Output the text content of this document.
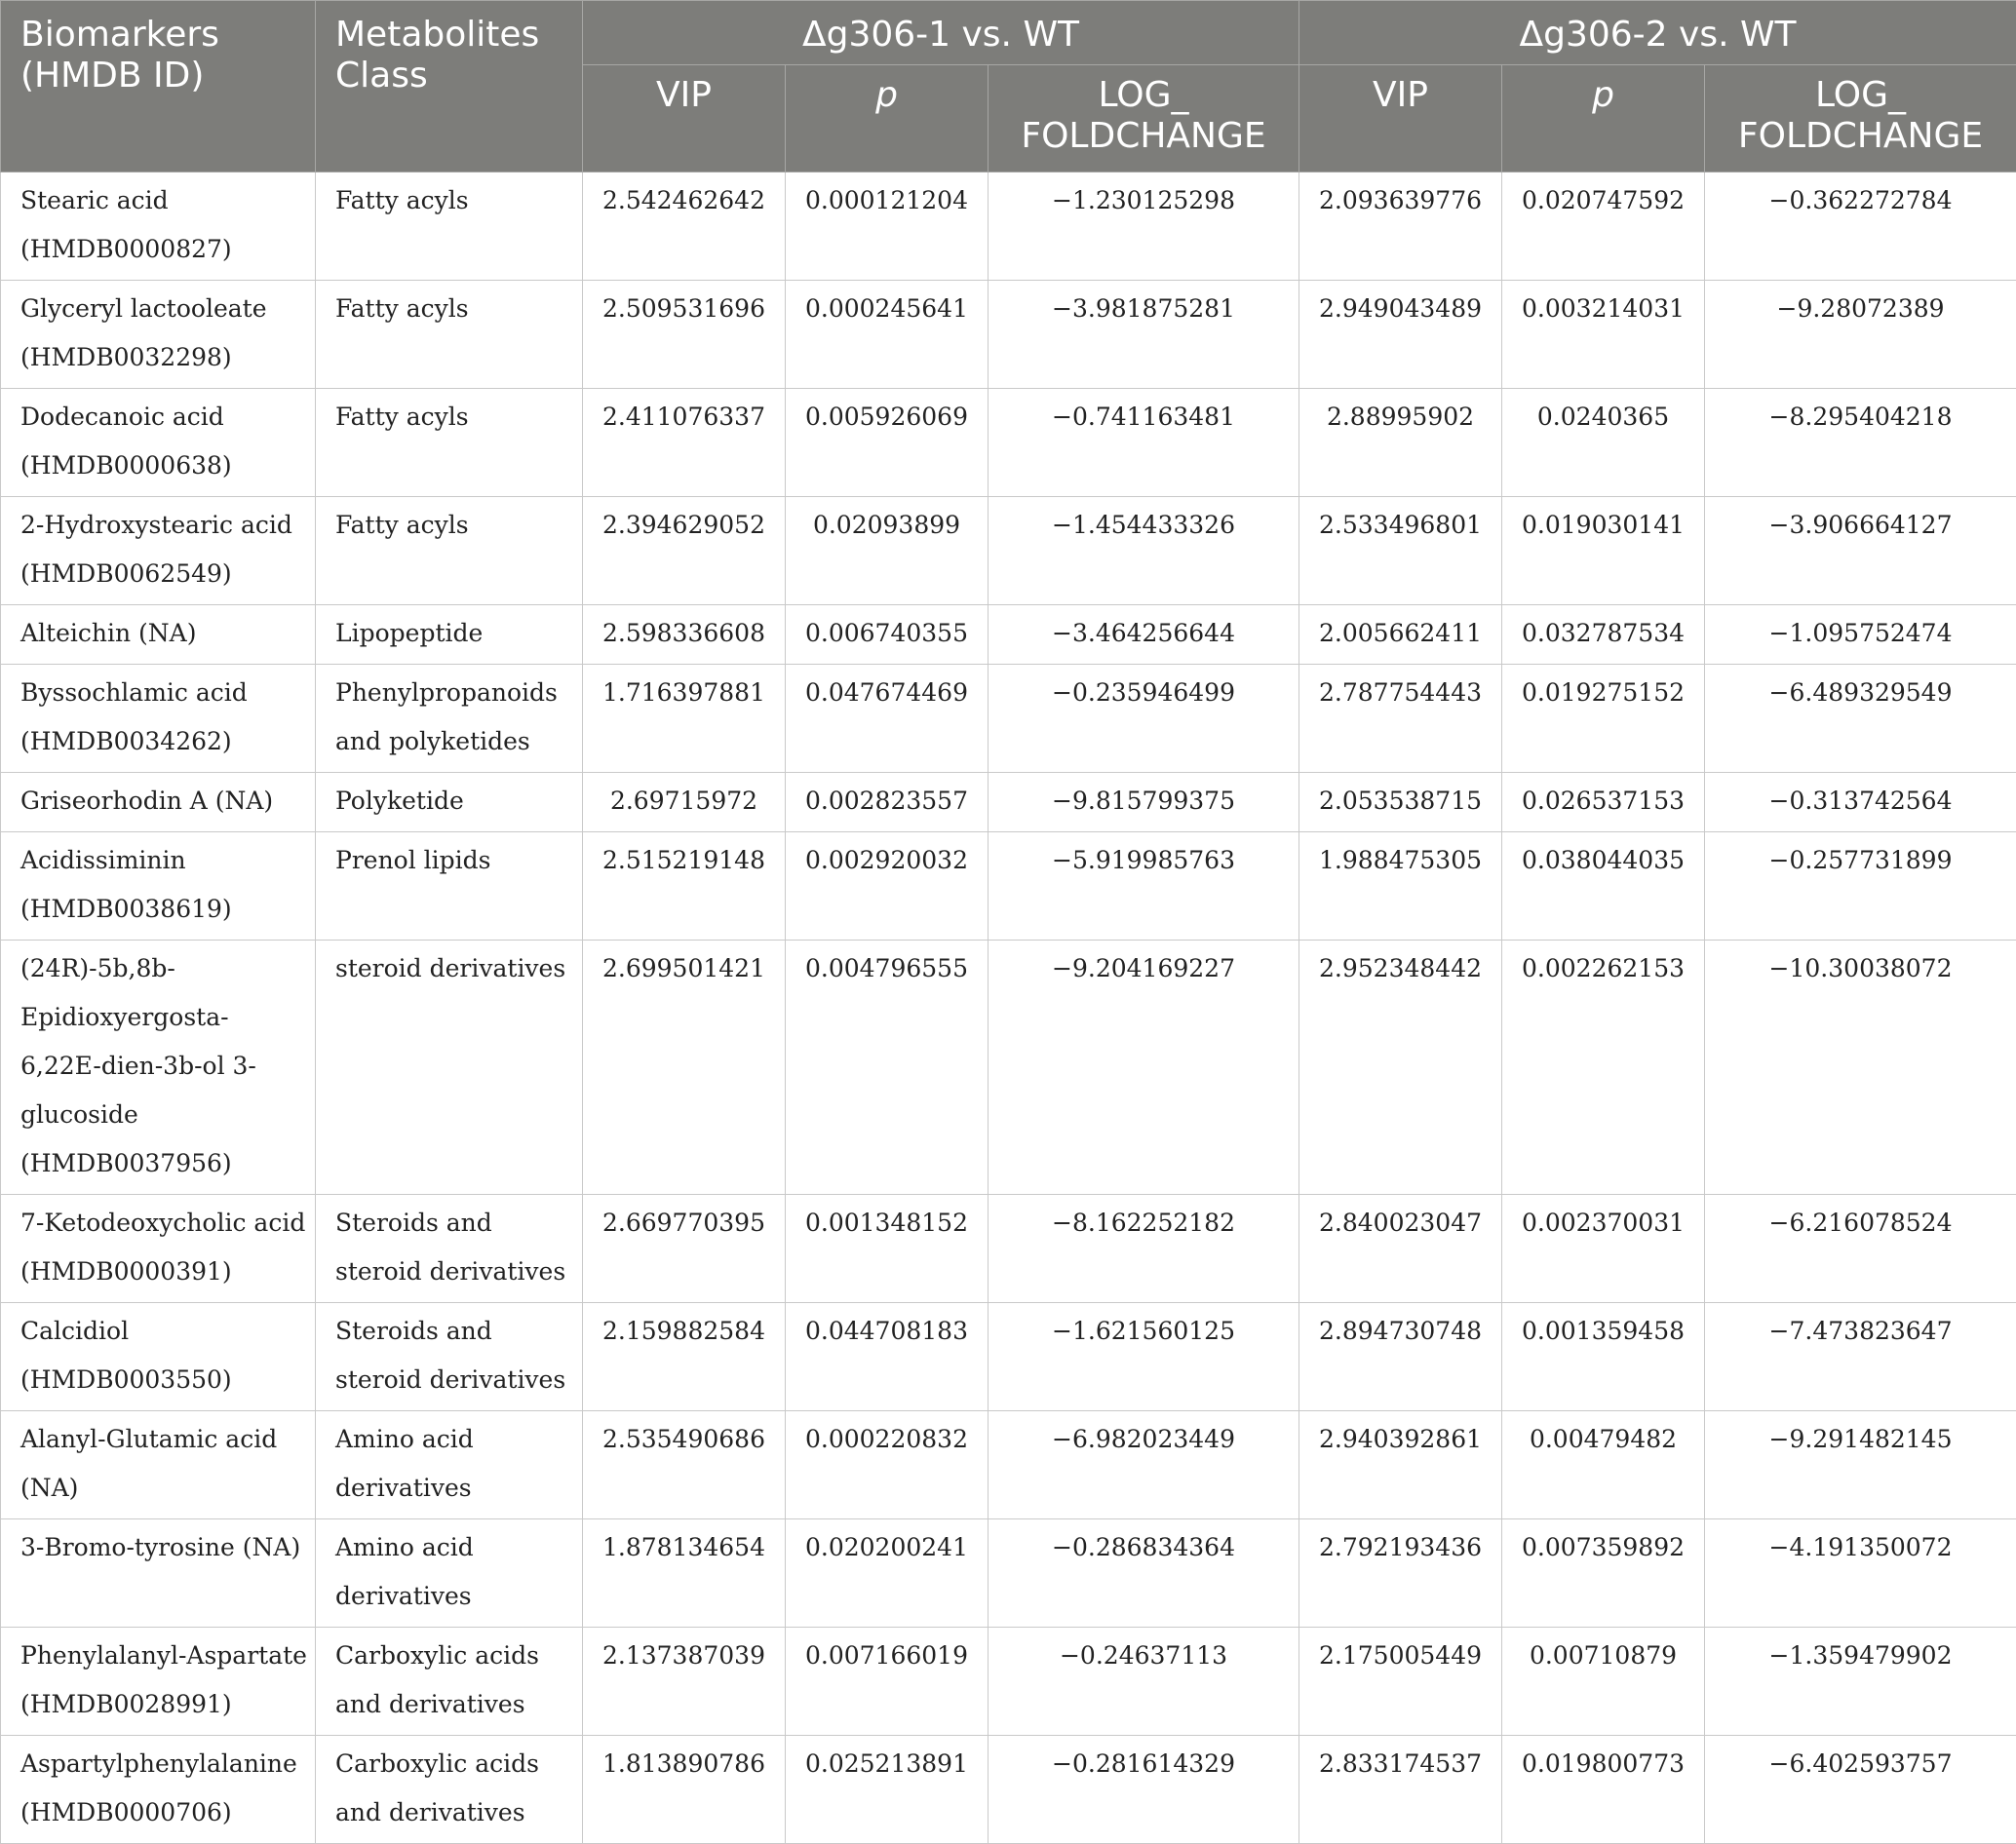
Biomarkers (HMDB ID)	Metabolites Class	Δg306-1 vs. WT			Δg306-2 vs. WT		
		VIP	p	LOG_ FOLDCHANGE	VIP	p	LOG_ FOLDCHANGE
Stearic acid (HMDB0000827)	Fatty acyls	2.542462642	0.000121204	−1.230125298	2.093639776	0.020747592	−0.362272784
Glyceryl lactooleate (HMDB0032298)	Fatty acyls	2.509531696	0.000245641	−3.981875281	2.949043489	0.003214031	−9.28072389
Dodecanoic acid (HMDB0000638)	Fatty acyls	2.411076337	0.005926069	−0.741163481	2.88995902	0.0240365	−8.295404218
2-Hydroxystearic acid (HMDB0062549)	Fatty acyls	2.394629052	0.02093899	−1.454433326	2.533496801	0.019030141	−3.906664127
Alteichin (NA)	Lipopeptide	2.598336608	0.006740355	−3.464256644	2.005662411	0.032787534	−1.095752474
Byssochlamic acid (HMDB0034262)	Phenylpropanoids and polyketides	1.716397881	0.047674469	−0.235946499	2.787754443	0.019275152	−6.489329549
Griseorhodin A (NA)	Polyketide	2.69715972	0.002823557	−9.815799375	2.053538715	0.026537153	−0.313742564
Acidissiminin (HMDB0038619)	Prenol lipids	2.515219148	0.002920032	−5.919985763	1.988475305	0.038044035	−0.257731899
(24R)-5b,8b-Epidioxyergosta-6,22E-dien-3b-ol 3-glucoside (HMDB0037956)	steroid derivatives	2.699501421	0.004796555	−9.204169227	2.952348442	0.002262153	−10.30038072
7-Ketodeoxycholic acid (HMDB0000391)	Steroids and steroid derivatives	2.669770395	0.001348152	−8.162252182	2.840023047	0.002370031	−6.216078524
Calcidiol (HMDB0003550)	Steroids and steroid derivatives	2.159882584	0.044708183	−1.621560125	2.894730748	0.001359458	−7.473823647
Alanyl-Glutamic acid (NA)	Amino acid derivatives	2.535490686	0.000220832	−6.982023449	2.940392861	0.00479482	−9.291482145
3-Bromo-tyrosine (NA)	Amino acid derivatives	1.878134654	0.020200241	−0.286834364	2.792193436	0.007359892	−4.191350072
Phenylalanyl-Aspartate (HMDB0028991)	Carboxylic acids and derivatives	2.137387039	0.007166019	−0.24637113	2.175005449	0.00710879	−1.359479902
Aspartylphenylalanine (HMDB0000706)	Carboxylic acids and derivatives	1.813890786	0.025213891	−0.281614329	2.833174537	0.019800773	−6.402593757
